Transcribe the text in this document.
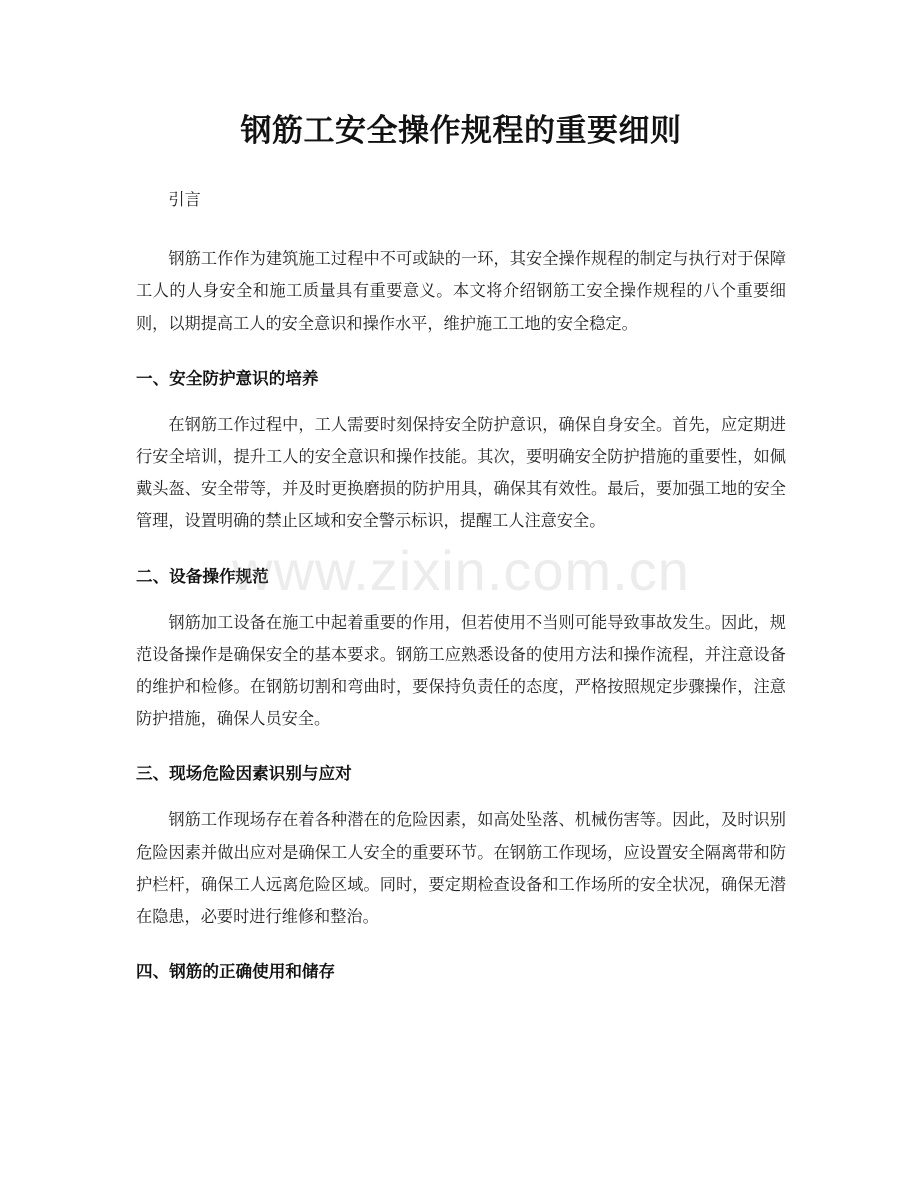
钢筋工安全操作规程的重要细则

引言

钢筋工作作为建筑施工过程中不可或缺的一环，其安全操作规程的制定与执行对于保障工人的人身安全和施工质量具有重要意义。本文将介绍钢筋工安全操作规程的八个重要细则，以期提高工人的安全意识和操作水平，维护施工工地的安全稳定。

一、安全防护意识的培养

在钢筋工作过程中，工人需要时刻保持安全防护意识，确保自身安全。首先，应定期进行安全培训，提升工人的安全意识和操作技能。其次，要明确安全防护措施的重要性，如佩戴头盔、安全带等，并及时更换磨损的防护用具，确保其有效性。最后，要加强工地的安全管理，设置明确的禁止区域和安全警示标识，提醒工人注意安全。

二、设备操作规范

钢筋加工设备在施工中起着重要的作用，但若使用不当则可能导致事故发生。因此，规范设备操作是确保安全的基本要求。钢筋工应熟悉设备的使用方法和操作流程，并注意设备的维护和检修。在钢筋切割和弯曲时，要保持负责任的态度，严格按照规定步骤操作，注意防护措施，确保人员安全。

三、现场危险因素识别与应对

钢筋工作现场存在着各种潜在的危险因素，如高处坠落、机械伤害等。因此，及时识别危险因素并做出应对是确保工人安全的重要环节。在钢筋工作现场，应设置安全隔离带和防护栏杆，确保工人远离危险区域。同时，要定期检查设备和工作场所的安全状况，确保无潜在隐患，必要时进行维修和整治。

四、钢筋的正确使用和储存
www.zixin.com.cn
